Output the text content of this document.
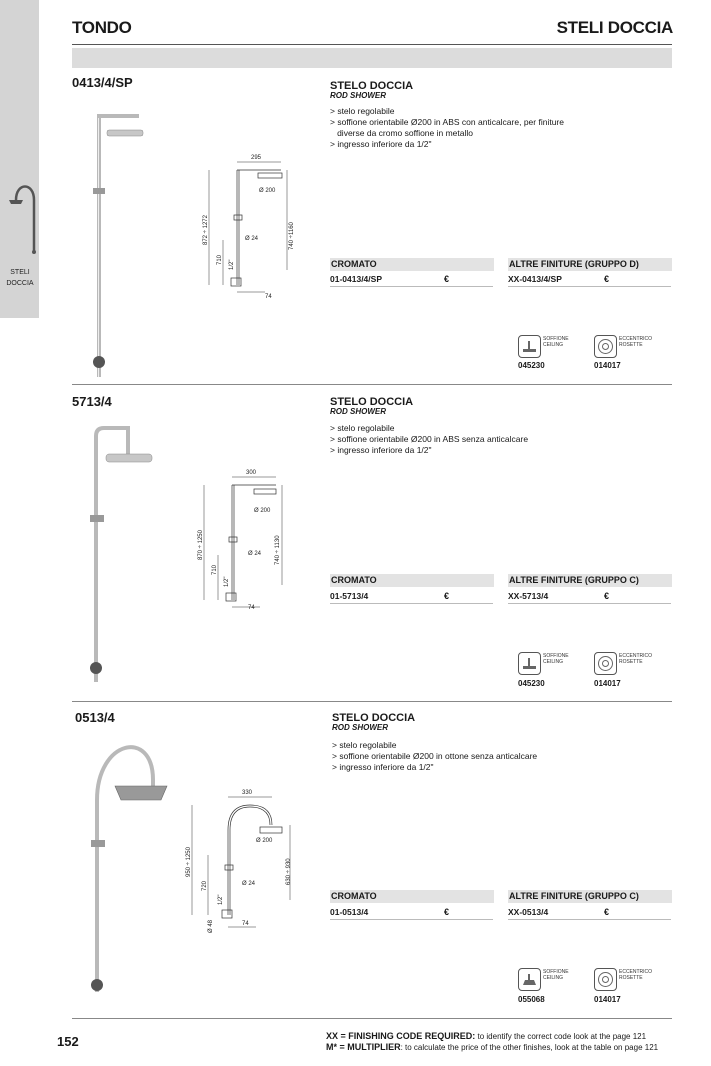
STELI
DOCCIA
TONDO	STELI DOCCIA
0413/4/SP
295
Ø 200
Ø 24
74
872 ÷ 1272
710 1/2"
740 ÷1160
STELO DOCCIA
ROD SHOWER
> stelo regolabile
> soffione orientabile Ø200 in ABS con anticalcare, per finiture
diverse da cromo soffione in metallo
> ingresso inferiore da 1/2"
CROMATO	ALTRE FINITURE (GRUPPO D)
01-0413/4/SP	€	XX-0413/4/SP	€
SOFFIONE
CEILING
045230
ECCENTRICO
ROSETTE
014017
5713/4
300
Ø 200
Ø 24
74
870 ÷ 1250
710
1/2"
740 ÷ 1130
STELO DOCCIA
ROD SHOWER
> stelo regolabile
> soffione orientabile Ø200 in ABS senza anticalcare
> ingresso inferiore da 1/2"
CROMATO	ALTRE FINITURE (GRUPPO C)
01-5713/4	€	XX-5713/4	€
SOFFIONE
CEILING
045230
ECCENTRICO
ROSETTE
014017
0513/4
330
Ø 200
Ø 24
74
950 ÷ 1250
720
1/2"
Ø 48
630 ÷ 930
STELO DOCCIA
ROD SHOWER
> stelo regolabile
> soffione orientabile Ø200 in ottone senza anticalcare
> ingresso inferiore da 1/2"
CROMATO	ALTRE FINITURE (GRUPPO C)
01-0513/4	€	XX-0513/4	€
SOFFIONE
CEILING
055068
ECCENTRICO
ROSETTE
014017
152	XX = FINISHING CODE REQUIRED: to identify the correct code look at the page 121
M* = MULTIPLIER: to calculate the price of the other finishes, look at the table on page 121
